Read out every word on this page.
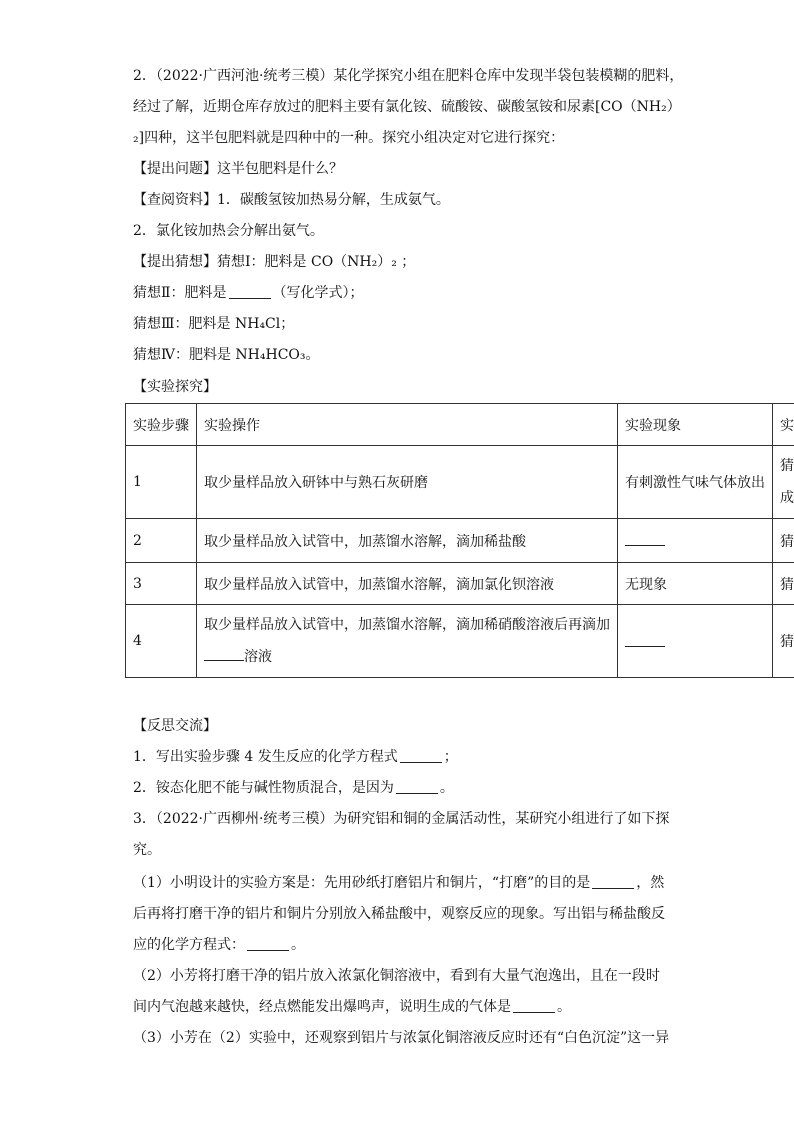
2．（2022·广西河池·统考三模）某化学探究小组在肥料仓库中发现半袋包装模糊的肥料，
经过了解，近期仓库存放过的肥料主要有氯化铵、硫酸铵、碳酸氢铵和尿素[CO（NH₂）
₂]四种，这半包肥料就是四种中的一种。探究小组决定对它进行探究：
【提出问题】这半包肥料是什么？
【查阅资料】1．碳酸氢铵加热易分解，生成氨气。
2．氯化铵加热会分解出氨气。
【提出猜想】猜想Ⅰ：肥料是 CO（NH₂）₂ ；
猜想Ⅱ：肥料是	（写化学式）；
猜想Ⅲ：肥料是 NH₄Cl；
猜想Ⅳ：肥料是 NH₄HCO₃。
【实验探究】
实验步骤	实验操作	实验现象	实
1	取少量样品放入研钵中与熟石灰研磨	有刺激性气味气体放出	猜
成
2	取少量样品放入试管中，加蒸馏水溶解，滴加稀盐酸		猜
3	取少量样品放入试管中，加蒸馏水溶解，滴加氯化钡溶液	无现象	猜
4	取少量样品放入试管中，加蒸馏水溶解，滴加稀硝酸溶液后再滴加
溶液		猜
【反思交流】
1．写出实验步骤 4 发生反应的化学方程式	；
2．铵态化肥不能与碱性物质混合，是因为	。
3．（2022·广西柳州·统考三模）为研究铝和铜的金属活动性，某研究小组进行了如下探
究。
（1）小明设计的实验方案是：先用砂纸打磨铝片和铜片，“打磨”的目的是	，然
后再将打磨干净的铝片和铜片分别放入稀盐酸中，观察反应的现象。写出铝与稀盐酸反
应的化学方程式：	。
（2）小芳将打磨干净的铝片放入浓氯化铜溶液中，看到有大量气泡逸出，且在一段时
间内气泡越来越快，经点燃能发出爆鸣声，说明生成的气体是	。
（3）小芳在（2）实验中，还观察到铝片与浓氯化铜溶液反应时还有“白色沉淀”这一异
